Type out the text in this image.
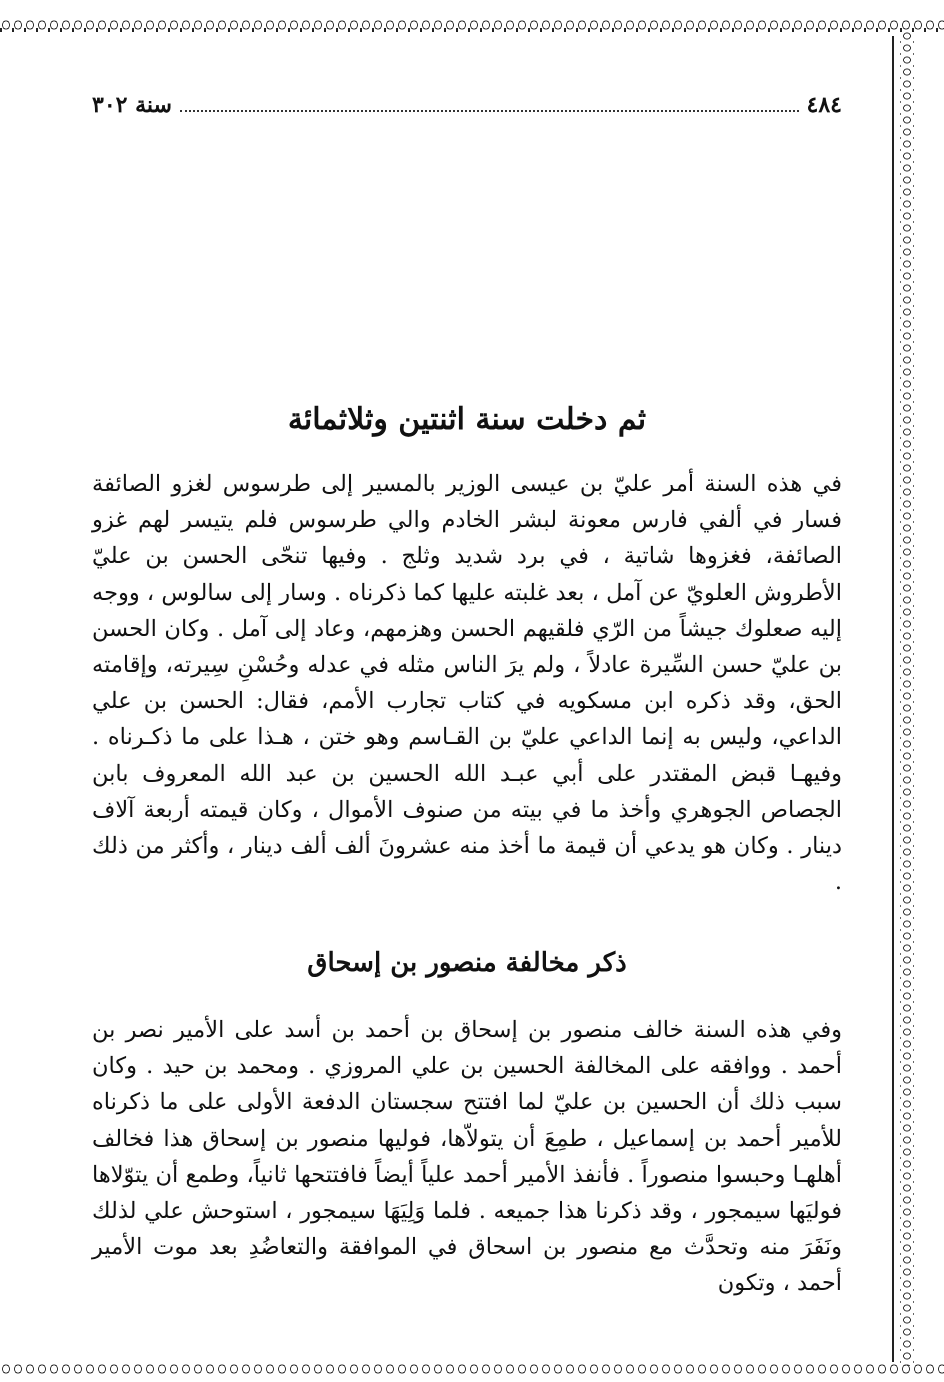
٤٨٤
سنة ٣٠٢
ثم دخلت سنة اثنتين وثلاثمائة

في هذه السنة أمر عليّ بن عيسى الوزير بالمسير إلى طرسوس لغزو الصائفة فسار في ألفي فارس معونة لبشر الخادم والي طرسوس فلم يتيسر لهم غزو الصائفة، فغزوها شاتية ، في برد شديد وثلج . وفيها تنحّى الحسن بن عليّ الأطروش العلويّ عن آمل ، بعد غلبته عليها كما ذكرناه . وسار إلى سالوس ، ووجه إليه صعلوك جيشاً من الرّي فلقيهم الحسن وهزمهم، وعاد إلى آمل . وكان الحسن بن عليّ حسن السِّيرة عادلاً ، ولم يرَ الناس مثله في عدله وحُسْنِ سِيرته، وإقامته الحق، وقد ذكره ابن مسكويه في كتاب تجارب الأمم، فقال: الحسن بن علي الداعي، وليس به إنما الداعي عليّ بن القـاسم وهو ختن ، هـذا على ما ذكـرناه . وفيهـا قبض المقتدر على أبي عبـد الله الحسين بن عبد الله المعروف بابن الجصاص الجوهري وأخذ ما في بيته من صنوف الأموال ، وكان قيمته أربعة آلاف دينار . وكان هو يدعي أن قيمة ما أخذ منه عشرونَ ألف ألف دينار ، وأكثر من ذلك .

ذكر مخالفة منصور بن إسحاق

وفي هذه السنة خالف منصور بن إسحاق بن أحمد بن أسد على الأمير نصر بن أحمد . ووافقه على المخالفة الحسين بن علي المروزي . ومحمد بن حيد . وكان سبب ذلك أن الحسين بن عليّ لما افتتح سجستان الدفعة الأولى على ما ذكرناه للأمير أحمد بن إسماعيل ، طمِعَ أن يتولاّها، فوليها منصور بن إسحاق هذا فخالف أهلهـا وحبسوا منصوراً . فأنفذ الأمير أحمد علياً أيضاً فافتتحها ثانياً، وطمع أن يتوّلاها فوليَها سيمجور ، وقد ذكرنا هذا جميعه . فلما وَلِيَهَا سيمجور ، استوحش علي لذلك ونَفَرَ منه وتحدَّث مع منصور بن اسحاق في الموافقة والتعاضُدِ بعد موت الأمير أحمد ، وتكون
